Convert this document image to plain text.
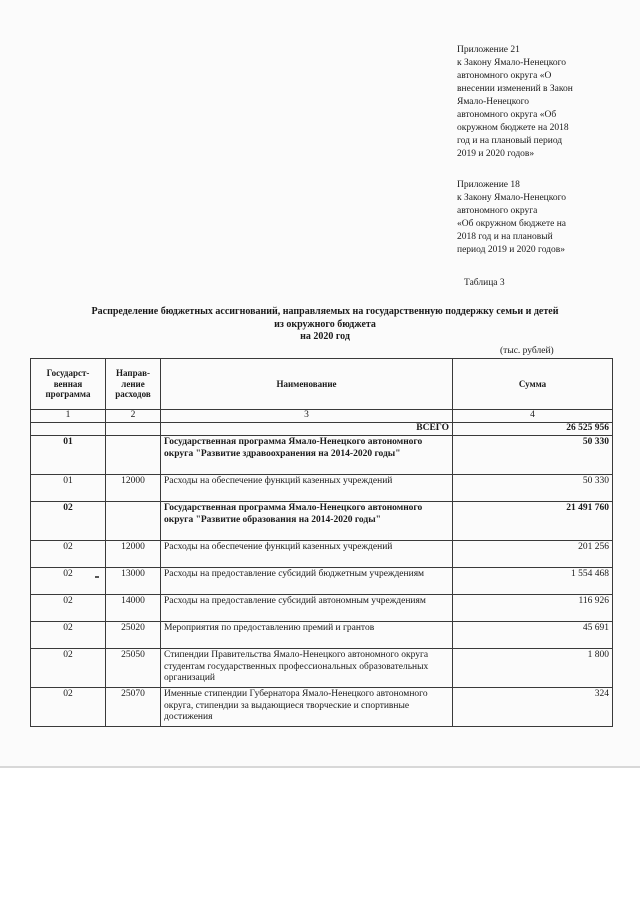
Приложение 21
к Закону Ямало-Ненецкого
автономного округа «О
внесении изменений в Закон
Ямало-Ненецкого
автономного округа «Об
окружном бюджете на 2018
год и на плановый период
2019 и 2020 годов»
Приложение 18
к Закону Ямало-Ненецкого
автономного округа
«Об окружном бюджете на
2018 год и на плановый
период 2019 и 2020 годов»
Таблица 3
Распределение бюджетных ассигнований, направляемых на государственную поддержку семьи и детей
из окружного бюджета
на 2020 год
(тыс. рублей)
Государст-венная программа	Направ-ление расходов	Наименование	Сумма
1	2	3	4
		ВСЕГО	26 525 956
01		Государственная программа Ямало-Ненецкого автономного округа "Развитие здравоохранения на 2014-2020 годы"	50 330
01	12000	Расходы на обеспечение функций казенных учреждений	50 330
02		Государственная программа Ямало-Ненецкого автономного округа "Развитие образования на 2014-2020 годы"	21 491 760
02	12000	Расходы на обеспечение функций казенных учреждений	201 256
02	13000	Расходы на предоставление субсидий бюджетным учреждениям	1 554 468
02	14000	Расходы на предоставление субсидий автономным учреждениям	116 926
02	25020	Мероприятия по предоставлению премий и грантов	45 691
02	25050	Стипендии Правительства Ямало-Ненецкого автономного округа студентам государственных профессиональных образовательных организаций	1 800
02	25070	Именные стипендии Губернатора Ямало-Ненецкого автономного округа, стипендии за выдающиеся творческие и спортивные достижения	324
